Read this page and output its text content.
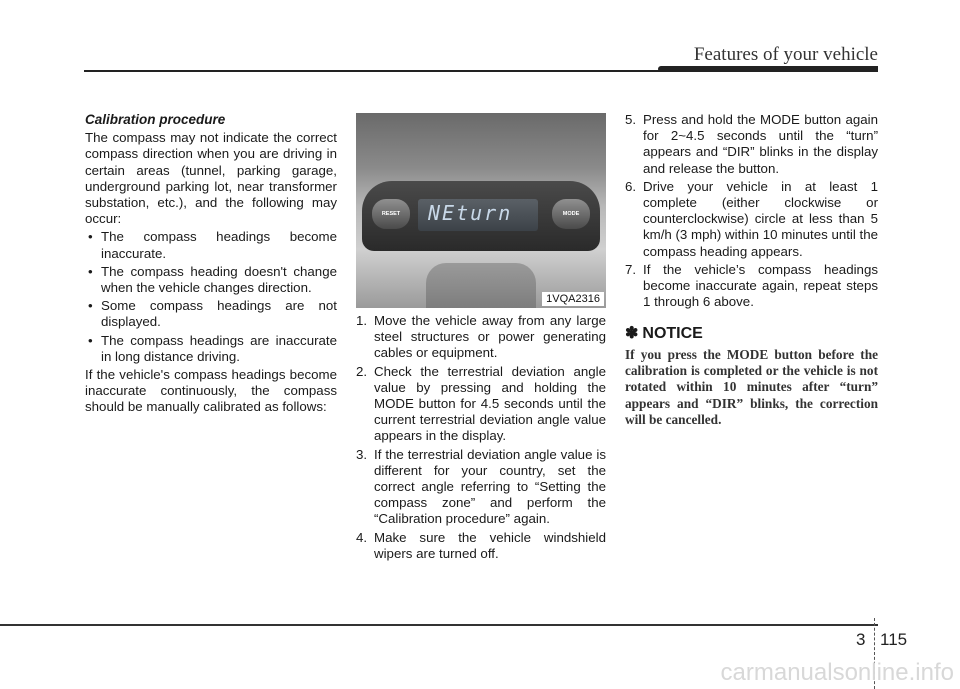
Features of your vehicle
Calibration procedure

The compass may not indicate the correct compass direction when you are driving in certain areas (tunnel, parking garage, underground parking lot, near transformer substation, etc.), and the following may occur:

• The compass headings become inaccurate.
• The compass heading doesn't change when the vehicle changes direction.
• Some compass headings are not displayed.
• The compass headings are inaccurate in long distance driving.

If the vehicle's compass headings become inaccurate continuously, the compass should be manually calibrated as follows:

NEturn
RESET	MODE
1VQA2316
1. Move the vehicle away from any large steel structures or power generating cables or equipment.
2. Check the terrestrial deviation angle value by pressing and holding the MODE button for 4.5 seconds until the current terrestrial deviation angle value appears in the display.
3. If the terrestrial deviation angle value is different for your country, set the correct angle referring to “Setting the compass zone” and perform the “Calibration procedure” again.
4. Make sure the vehicle windshield wipers are turned off.
5. Press and hold the MODE button again for 2~4.5 seconds until the “turn” appears and “DIR” blinks in the display and release the button.
6. Drive your vehicle in at least 1 complete (either clockwise or counterclockwise) circle at less than 5 km/h (3 mph) within 10 minutes until the compass heading appears.
7. If the vehicle’s compass headings become inaccurate again, repeat steps 1 through 6 above.
✽ NOTICE
If you press the MODE button before the calibration is completed or the vehicle is not rotated within 10 minutes after “turn” appears and “DIR” blinks, the correction will be cancelled.
3 115
carmanualsonline.info
